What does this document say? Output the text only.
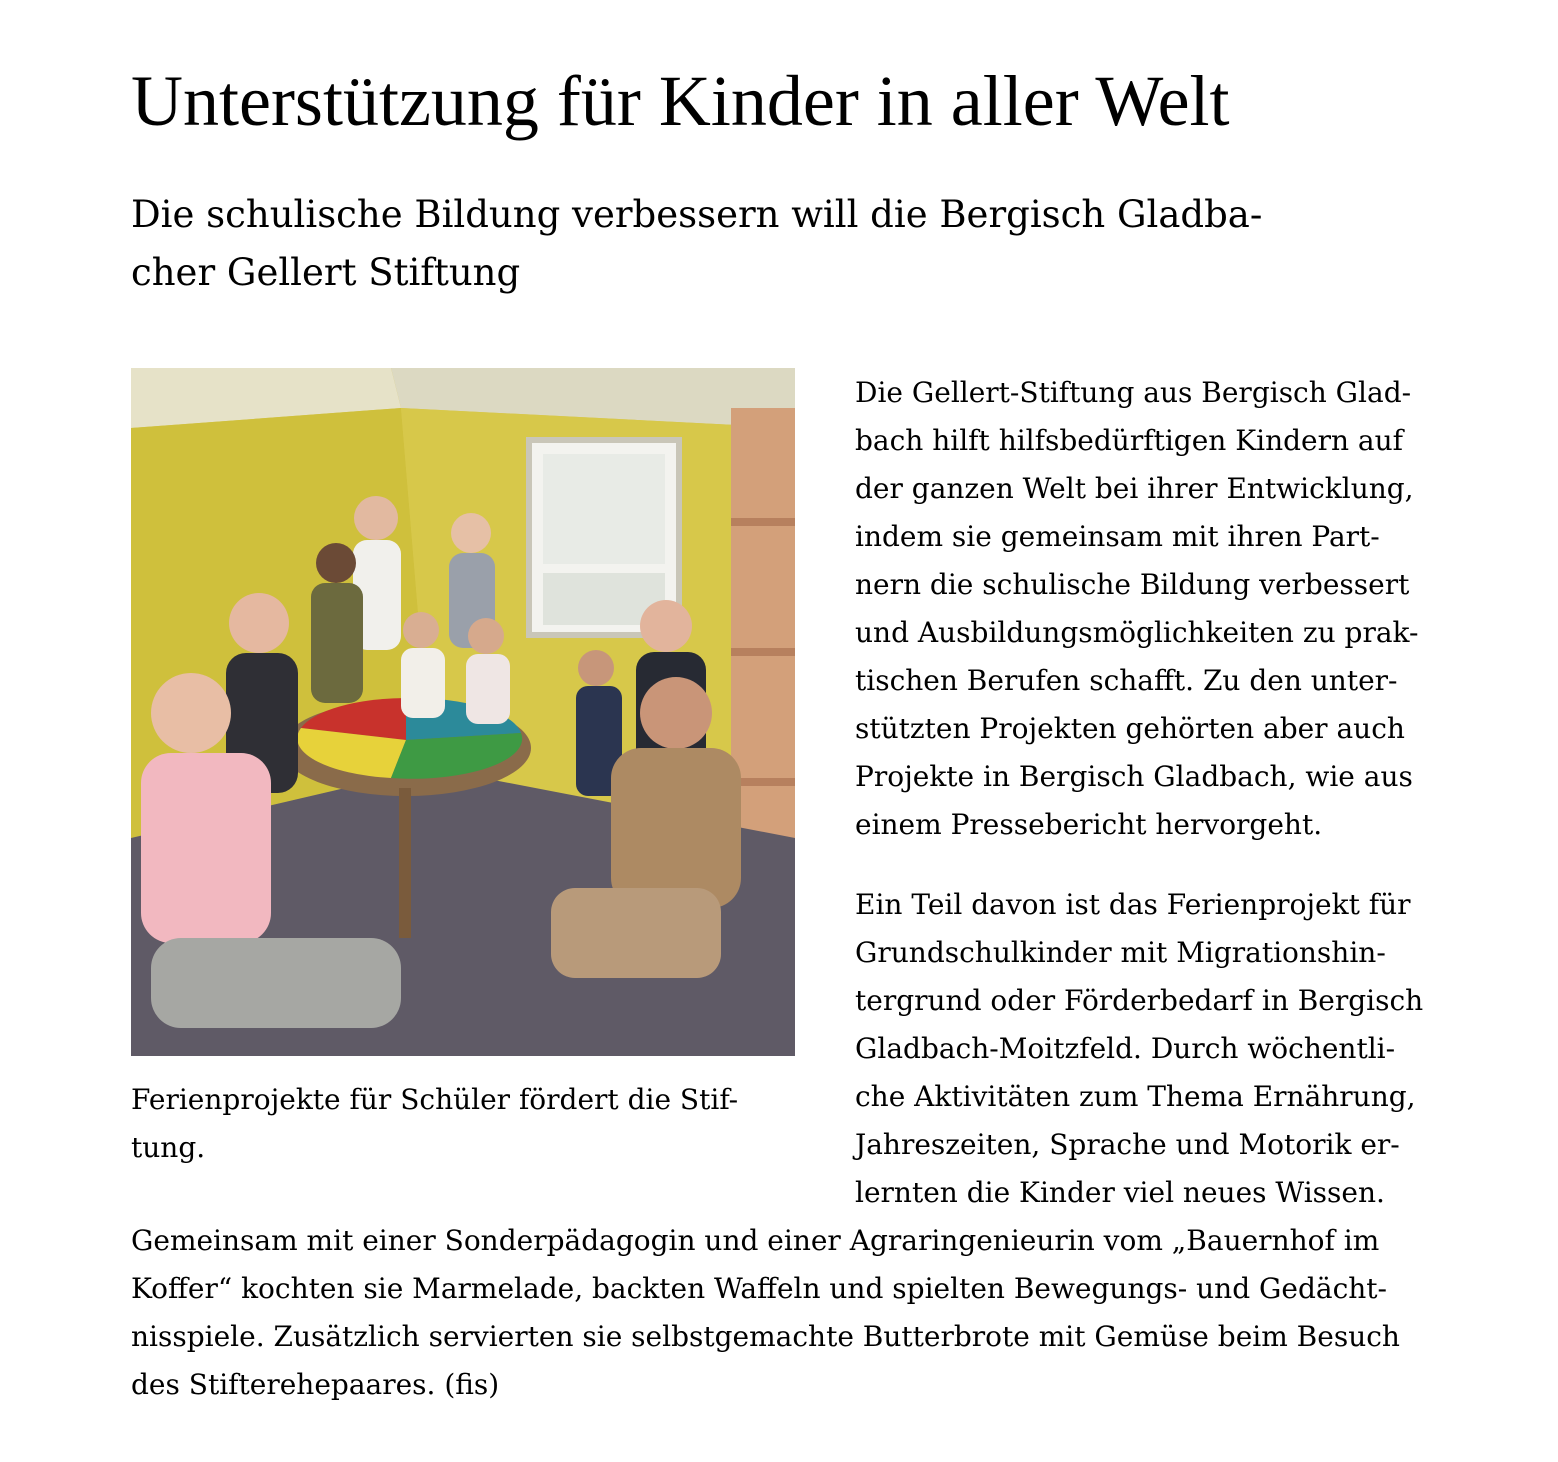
Unterstützung für Kinder in aller Welt
Die schulische Bildung verbessern will die Bergisch Gladba-
cher Gellert Stiftung

Ferienprojekte für Schüler fördert die Stif-
tung.

Die Gellert-Stiftung aus Bergisch Glad-
bach hilft hilfsbedürftigen Kindern auf
der ganzen Welt bei ihrer Entwicklung,
indem sie gemeinsam mit ihren Part-
nern die schulische Bildung verbessert
und Ausbildungsmöglichkeiten zu prak-
tischen Berufen schafft. Zu den unter-
stützten Projekten gehörten aber auch
Projekte in Bergisch Gladbach, wie aus
einem Pressebericht hervorgeht.

Ein Teil davon ist das Ferienprojekt für
Grundschulkinder mit Migrationshin-
tergrund oder Förderbedarf in Bergisch
Gladbach-Moitzfeld. Durch wöchentli-
che Aktivitäten zum Thema Ernährung,
Jahreszeiten, Sprache und Motorik er-
lernten die Kinder viel neues Wissen.

Gemeinsam mit einer Sonderpädagogin und einer Agraringenieurin vom „Bauernhof im
Koffer“ kochten sie Marmelade, backten Waffeln und spielten Bewegungs- und Gedächt-
nisspiele. Zusätzlich servierten sie selbstgemachte Butterbrote mit Gemüse beim Besuch
des Stifterehepaares. (fis)
